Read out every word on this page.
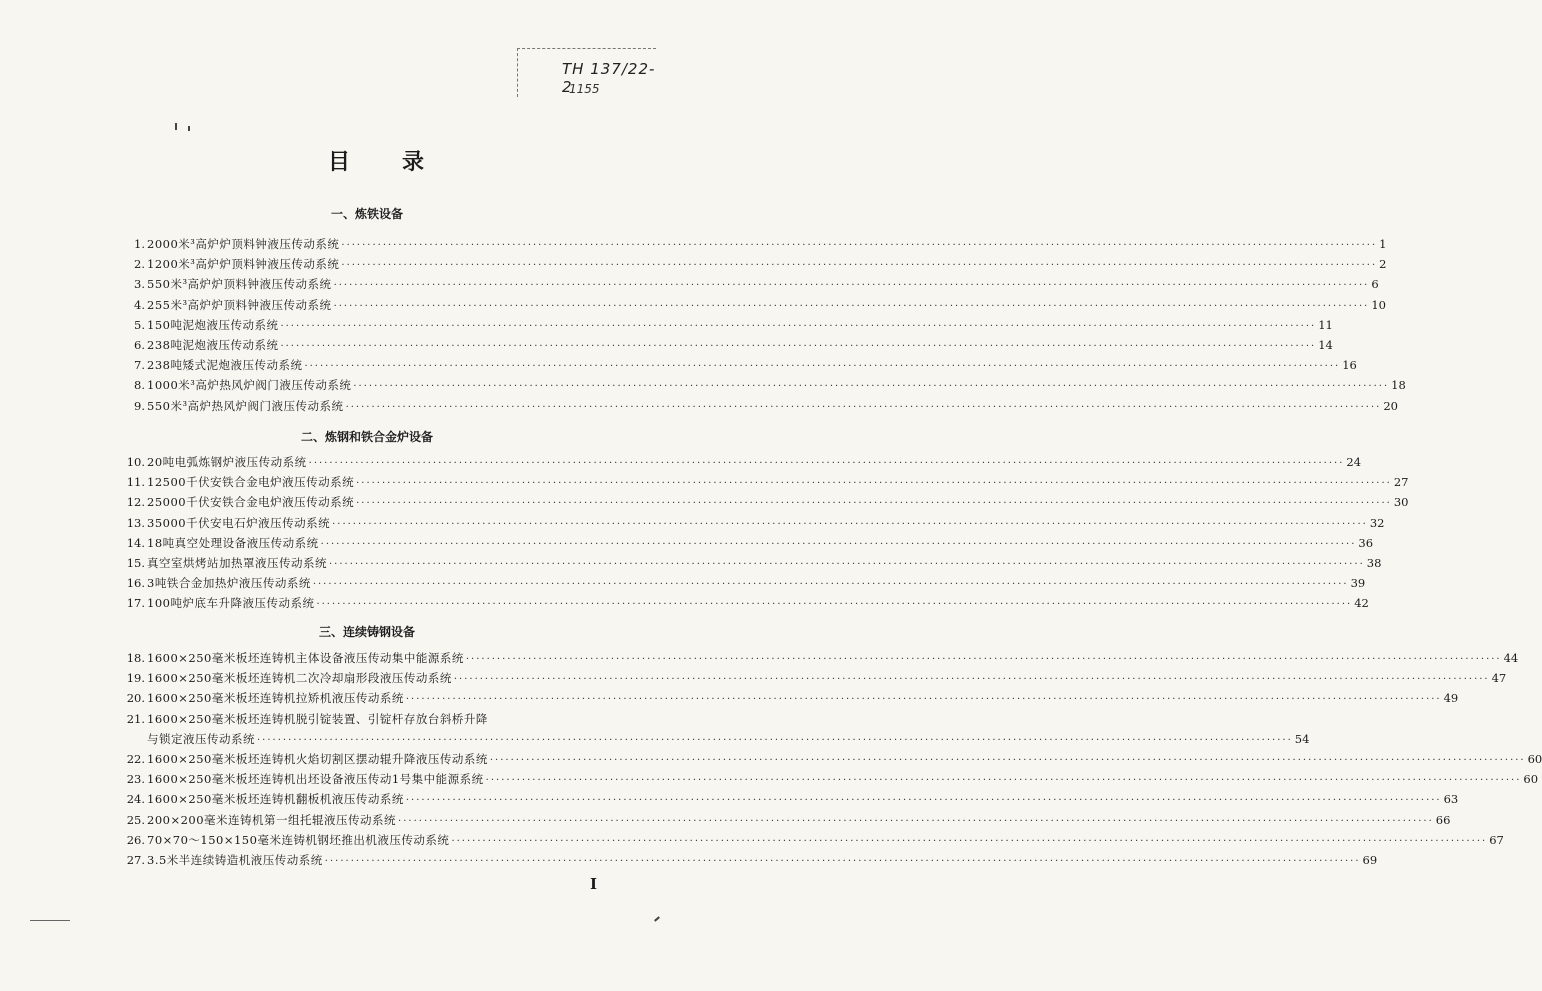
TH 137/22-2
1155
目录
一、炼铁设备
1. 2000米³高炉炉顶料钟液压传动系统 ········································································································································································································ 1
2. 1200米³高炉炉顶料钟液压传动系统 ········································································································································································································ 2
3. 550米³高炉炉顶料钟液压传动系统 ········································································································································································································ 6
4. 255米³高炉炉顶料钟液压传动系统 ········································································································································································································ 10
5. 150吨泥炮液压传动系统 ········································································································································································································ 11
6. 238吨泥炮液压传动系统 ········································································································································································································ 14
7. 238吨矮式泥炮液压传动系统 ········································································································································································································ 16
8. 1000米³高炉热风炉阀门液压传动系统 ········································································································································································································ 18
9. 550米³高炉热风炉阀门液压传动系统 ········································································································································································································ 20
二、炼钢和铁合金炉设备
10. 20吨电弧炼钢炉液压传动系统 ········································································································································································································ 24
11. 12500千伏安铁合金电炉液压传动系统 ········································································································································································································ 27
12. 25000千伏安铁合金电炉液压传动系统 ········································································································································································································ 30
13. 35000千伏安电石炉液压传动系统 ········································································································································································································ 32
14. 18吨真空处理设备液压传动系统 ········································································································································································································ 36
15. 真空室烘烤站加热罩液压传动系统 ········································································································································································································ 38
16. 3吨铁合金加热炉液压传动系统 ········································································································································································································ 39
17. 100吨炉底车升降液压传动系统 ········································································································································································································ 42
三、连续铸钢设备
18. 1600×250毫米板坯连铸机主体设备液压传动集中能源系统 ········································································································································································································ 44
19. 1600×250毫米板坯连铸机二次冷却扇形段液压传动系统 ········································································································································································································ 47
20. 1600×250毫米板坯连铸机拉矫机液压传动系统 ········································································································································································································ 49
21. 1600×250毫米板坯连铸机脱引锭装置、引锭杆存放台斜桥升降
与锁定液压传动系统 ········································································································································································································ 54
22. 1600×250毫米板坯连铸机火焰切割区摆动辊升降液压传动系统 ········································································································································································································ 60
23. 1600×250毫米板坯连铸机出坯设备液压传动1号集中能源系统 ········································································································································································································ 60
24. 1600×250毫米板坯连铸机翻板机液压传动系统 ········································································································································································································ 63
25. 200×200毫米连铸机第一组托辊液压传动系统 ········································································································································································································ 66
26. 70×70～150×150毫米连铸机钢坯推出机液压传动系统 ········································································································································································································ 67
27. 3.5米半连续铸造机液压传动系统 ········································································································································································································ 69
I
